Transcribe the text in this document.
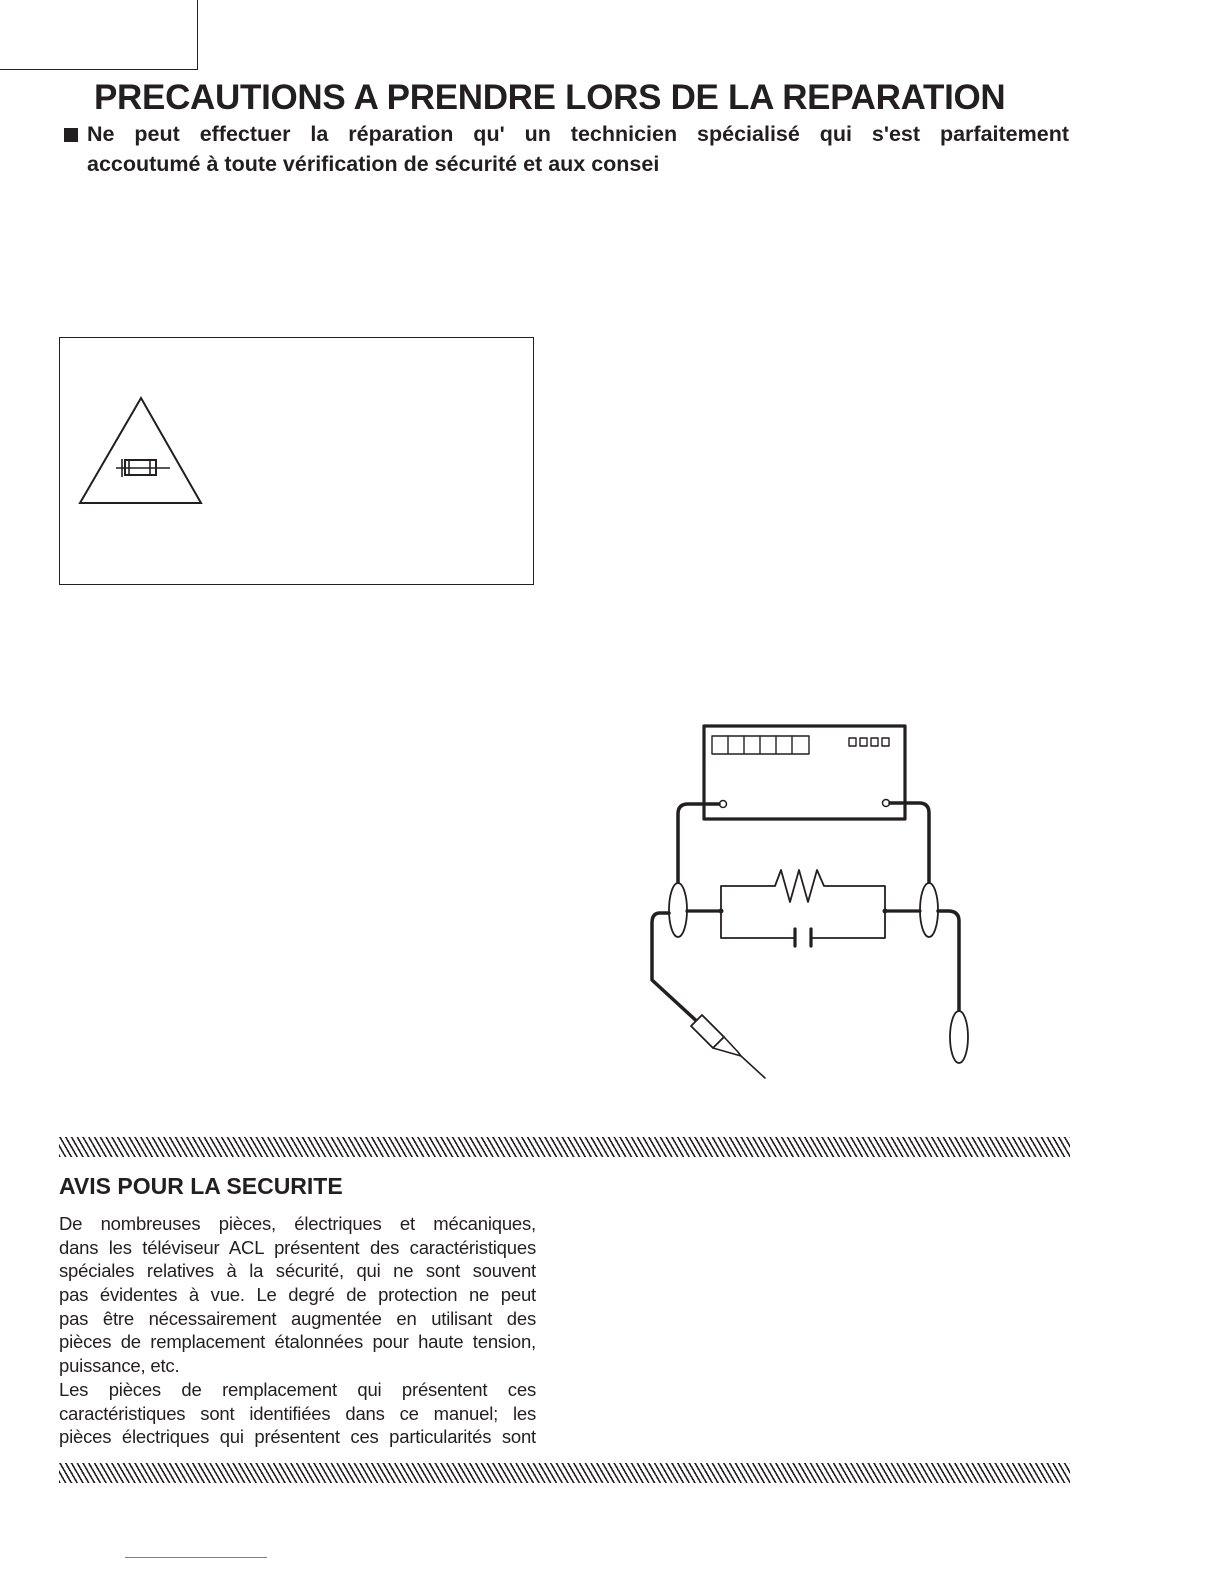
PRECAUTIONS A PRENDRE LORS DE LA REPARATION
Ne peut effectuer la réparation qu' un technicien spécialisé qui s'est parfaitement
accoutumé à toute vérification de sécurité et aux consei
AVIS POUR LA SECURITE
De nombreuses pièces, électriques et mécaniques,
dans les téléviseur ACL présentent des caractéristiques
spéciales relatives à la sécurité, qui ne sont souvent
pas évidentes à vue. Le degré de protection ne peut
pas être nécessairement augmentée en utilisant des
pièces de remplacement étalonnées pour haute tension,
puissance, etc.
Les pièces de remplacement qui présentent ces
caractéristiques sont identifiées dans ce manuel; les
pièces électriques qui présentent ces particularités sont
